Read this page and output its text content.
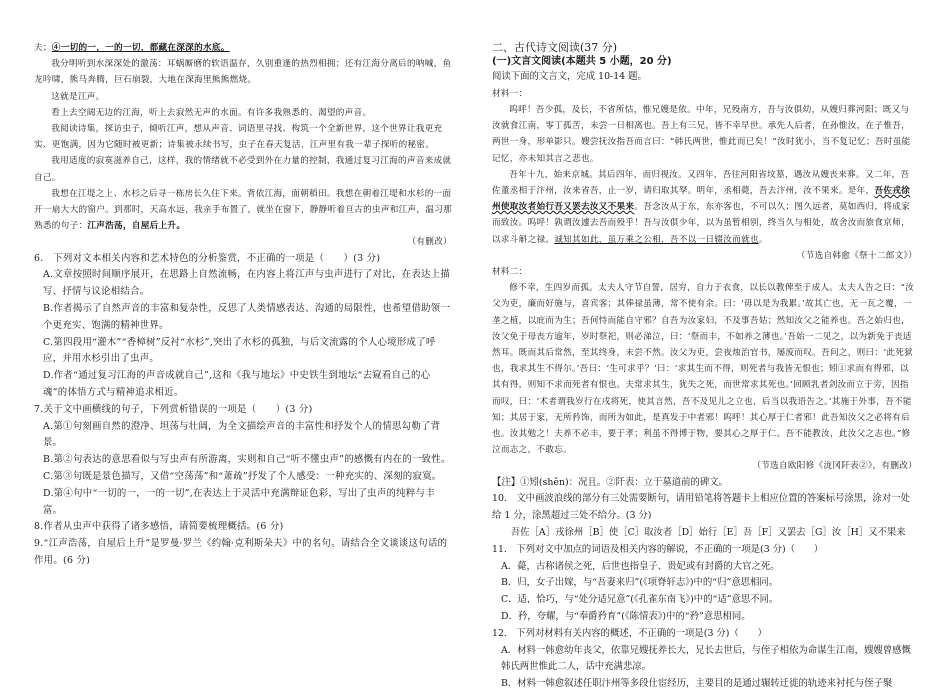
夫；④一切的一，一的一切，都藏在深深的水底。

我分明听到水深深处的激荡：耳蜗厮磨的软语温存，久别重逢的热烈相拥；还有江海分离后的呐喊，鱼龙吟啸，熊马奔腾，巨石崩裂，大地在深海里熊熊燃烧。

这就是江声。

看上去空阔无边的江海，听上去寂然无声的水面。有许多我熟悉的、渴望的声音。

我阅读诗集，探访虫子，倾听江声，想从声音、词语里寻找、构筑一个全新世界，这个世界让我更充实、更饱满，因为它随时被更新；诗集被永续书写，虫子在春天复活，江声里有我一辈子探听的秘密。

我用适度的寂寞滋养自己，这样，我的情绪就不必受到外在力量的控制，我通过复习江海的声音来成就自己。

我想在江堤之上、水杉之后寻一栋房长久住下来。背依江海，面朝稻田。我想在朝着江堤和水杉的一面开一扇大大的窗户。到那时，天高水远，我亲手布置了，就坐在窗下，静静听着亘古的虫声和江声，温习那熟悉的句子：江声浩荡，自屋后上升。

（有删改）

6.　下列对文本相关内容和艺术特色的分析鉴赏，不正确的一项是（　　）(3 分)

A.文章按照时间顺序展开，在思路上自然流畅，在内容上将江声与虫声进行了对比，在表达上描写、抒情与议论相结合。

B.作者揭示了自然声音的丰富和复杂性，反思了人类情感表达、沟通的局限性，也希望借助领一个更充实、饱满的精神世界。

C.第四段用“灌木”“香樟树”反衬“水杉”,突出了水杉的孤独，与后文流露的个人心境形成了呼应，并用水杉引出了虫声。

D.作者“通过复习江海的声音成就自己”,这和《我与地坛》中史铁生到地坛“去窥看自己的心魂”的体悟方式与精神追求相近。

7.关于文中画横线的句子，下列赏析错误的一项是（　　）(3 分)

A.第①句刻画自然的澄净、坦荡与壮阔，为全文描绘声音的丰富性和抒发个人的情思勾勒了背景。

B.第②句表达的意思看似与写虫声有所游离，实则和自己“听不懂虫声”的感慨有内在的一致性。

C.第③句既是景色描写，又借“空荡荡”和“萧疏”抒发了个人感受：一种充实的、深刻的寂寞。

D.第④句中“一切的一，一的一切”,在表达上于灵活中充满辩证色彩，写出了虫声的纯粹与丰富。

8.作者从虫声中获得了诸多感悟，请简要梳理概括。(6 分)

9.“江声浩荡，自屋后上升”是罗曼·罗兰《约翰·克利斯朵夫》中的名句。请结合全文谈谈这句话的作用。(6 分)

二、古代诗文阅读(37 分)

(一)文言文阅读(本题共 5 小题，20 分)

阅读下面的文言文，完成 10-14 题。

材料一：

呜呼！吾少孤，及长，不省所怙，惟兄嫂是依。中年，兄殁南方，吾与汝俱幼，从嫂归葬河阳；既又与汝就食江南，零丁孤苦，未尝一日相离也。吾上有三兄，皆不幸早世。承先人后者，在孙惟汝，在子惟吾，两世一身，形单影只。嫂尝抚汝指吾而言曰：“韩氏两世，惟此而已矣！”汝时犹小，当不复记忆；吾时虽能记忆，亦未知其言之悲也。

吾年十九，始来京城。其后四年，而归视汝。又四年，吾往河阳省坟墓，遇汝从嫂丧来葬。又二年，吾佐董丞相于汴州，汝来省吾，止一岁，请归取其孥。明年，丞相薨，吾去汴州，汝不果来。是年，吾佐戎徐州使取汝者始行吾又罢去汝又不果来。吾念汝从于东，东亦客也，不可以久；图久远者，莫如西归，将成家而致汝。呜呼！孰谓汝遽去吾而殁乎！吾与汝俱少年，以为虽暂相别，终当久与相处，故舍汝而旅食京师，以求斗斛之禄。诚知其如此，虽万乘之公相，吾不以一日辍汝而就也。

（节选自韩愈《祭十二郎文》）

材料二：

修不幸，生四岁而孤。太夫人守节自誓，居穷，自力于衣食，以长以教俾至于成人。太夫人告之曰：“汝父为吏，廉而好施与，喜宾客；其俸禄虽薄，常不使有余。曰：‘毋以是为我累。’故其亡也，无一瓦之覆，一垄之植，以庇而为生；吾何恃而能自守邪？自吾为汝家妇，不及事吾姑；然知汝父之能养也。吾之始归也，汝父免于母丧方逾年，岁时祭祀，则必涕泣，曰：‘祭而丰，不如养之薄也。’吾始一二见之，以为新免于丧适然耳。既而其后常然，至其终身，未尝不然。汝父为吏，尝夜烛治官书，屡废而叹。吾问之，则曰：‘此死狱也，我求其生不得尔。’吾曰：‘生可求乎？’曰：‘求其生而不得，则死者与我皆无恨也；矧①求而有得邪，以其有得，则知不求而死者有恨也。夫常求其生，犹失之死，而世常求其死也。’回顾乳者剑汝而立于旁，因指而叹，曰：‘术者谓我岁行在戌将死，使其言然，吾不及见儿之立也，后当以我语告之。’其施于外事，吾不能知；其居于家，无所矜饰，而所为如此，是真发于中者邪！呜呼！其心厚于仁者邪！此吾知汝父之必将有后也。汝其勉之！夫养不必丰，要于孝；利虽不得博于物，要其心之厚于仁。吾不能教汝，此汝父之志也。”修泣而志之，不敢忘。

（节选自欧阳修《泷冈阡表②》，有删改）

【注】①矧(shěn)：况且。②阡表：立于墓道前的碑文。

10.　文中画波浪线的部分有三处需要断句，请用铅笔将答题卡上相应位置的答案标号涂黑，涂对一处给 1 分，涂黑超过三处不给分。(3 分)

吾佐［A］戎徐州［B］使［C］取汝者［D］始行［E］吾［F］又罢去［G］汝［H］又不果来

11.　下列对文中加点的词语及相关内容的解说，不正确的一项是(3 分)（　　）

A．薨，古称诸侯之死，后世也指皇子、贵妃或有封爵的大官之死。

B．归，女子出嫁，与“吾妻来归”(《项脊轩志》)中的“归”意思相同。

C．适，恰巧，与“处分适兄意”(《孔雀东南飞》)中的“适”意思不同。

D．矜，夸耀，与“奉爵矜育”(《陈情表》)中的“矜”意思相同。

12.　下列对材料有关内容的概述，不正确的一项是(3 分)（　　）

A．材料一韩愈幼年丧父，依靠兄嫂抚养长大，兄长去世后，与侄子相依为命谋生江南，嫂嫂曾感慨韩氏两世惟此二人，话中充满悲凉。

B．材料一韩愈叙述任职汴州等多段仕宦经历，主要目的是通过辗转迁徙的轨迹来衬托与侄子聚
